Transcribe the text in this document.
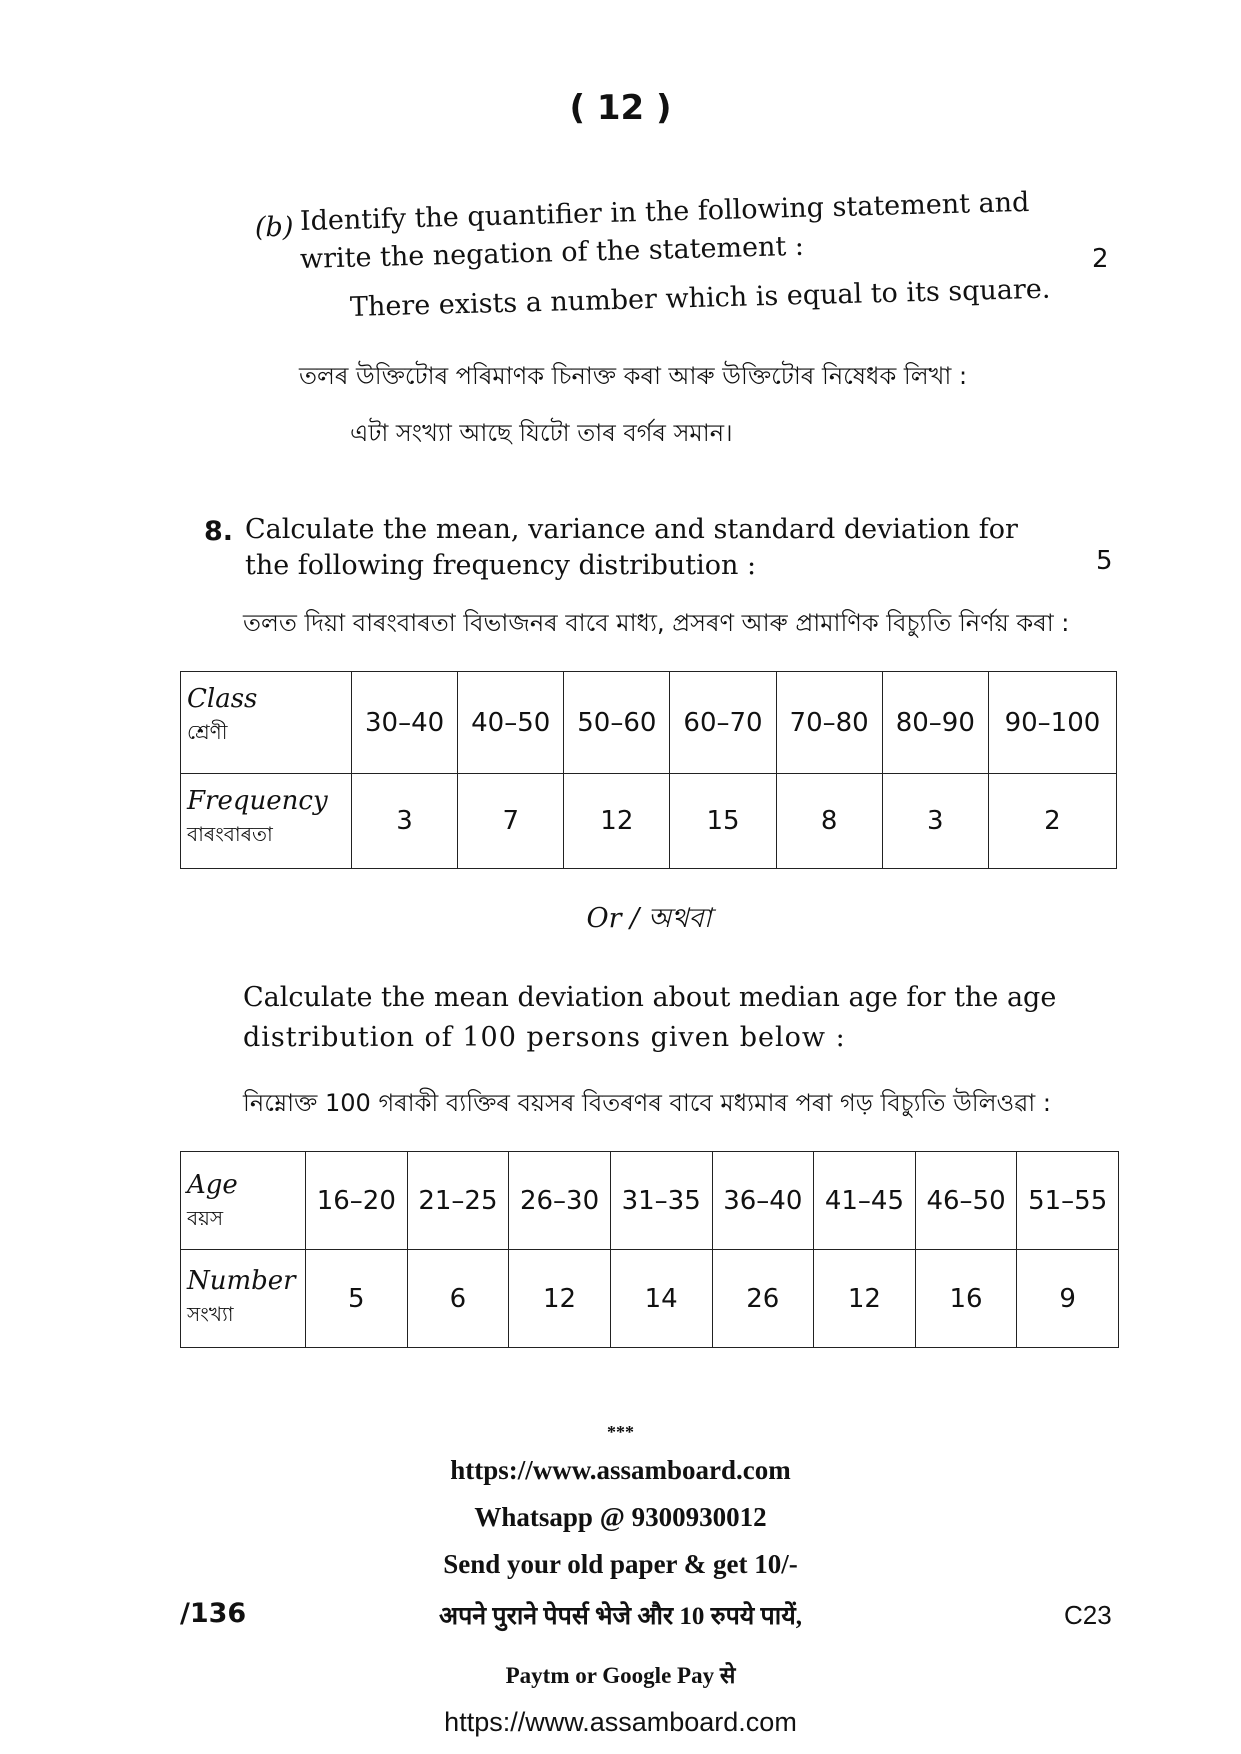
( 12 )
(b) Identify the quantifier in the following statement and
write the negation of the statement :	2
There exists a number which is equal to its square.
তলৰ উক্তিটোৰ পৰিমাণক চিনাক্ত কৰা আৰু উক্তিটোৰ নিষেধক লিখা :
এটা সংখ্যা আছে যিটো তাৰ বৰ্গৰ সমান।
8. Calculate the mean, variance and standard deviation for
the following frequency distribution :	5
তলত দিয়া বাৰংবাৰতা বিভাজনৰ বাবে মাধ্য, প্ৰসৰণ আৰু প্ৰামাণিক বিচ্যুতি নিৰ্ণয় কৰা :
Class
শ্ৰেণী	30–40	40–50	50–60	60–70	70–80	80–90	90–100
Frequency
বাৰংবাৰতা	3	7	12	15	8	3	2
Or / অথবা
Calculate the mean deviation about median age for the age
distribution of 100 persons given below :
নিম্নোক্ত 100 গৰাকী ব্যক্তিৰ বয়সৰ বিতৰণৰ বাবে মধ্যমাৰ পৰা গড় বিচ্যুতি উলিওৱা :
Age
বয়স	16–20	21–25	26–30	31–35	36–40	41–45	46–50	51–55
Number
সংখ্যা	5	6	12	14	26	12	16	9
***
https://www.assamboard.com
Whatsapp @ 9300930012
Send your old paper & get 10/-
अपने पुराने पेपर्स भेजे और 10 रुपये पायें,
Paytm or Google Pay से
https://www.assamboard.com
/136	C23
